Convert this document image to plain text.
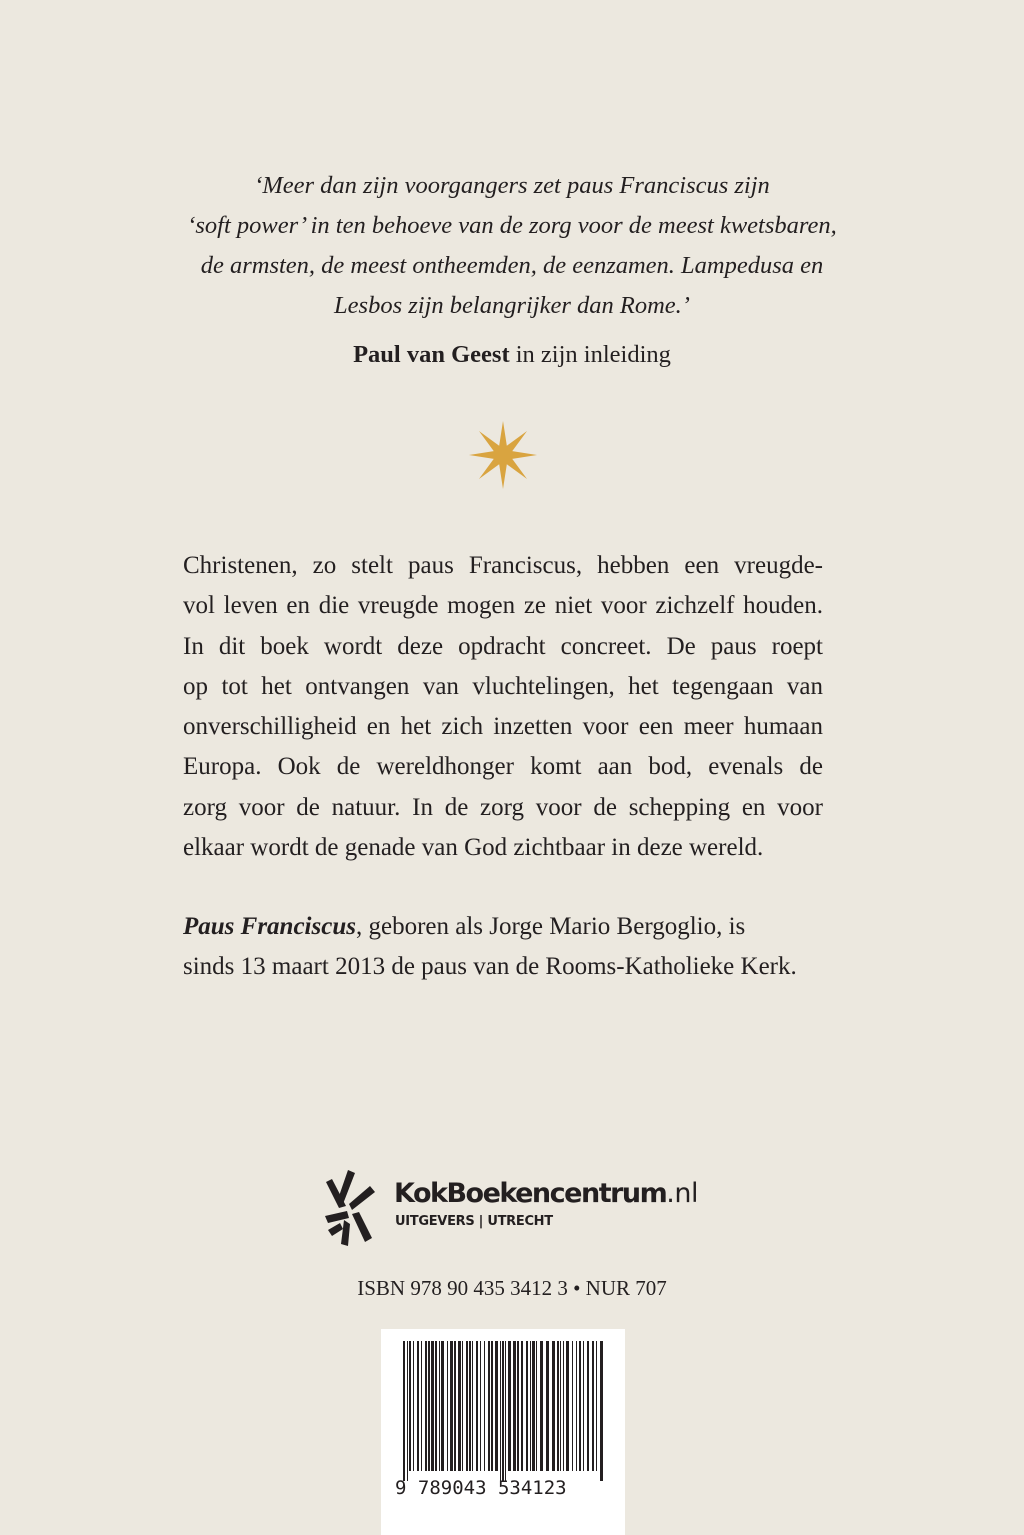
‘Meer dan zijn voorgangers zet paus Franciscus zijn

‘soft power’ in ten behoeve van de zorg voor de meest kwetsbaren,

de armsten, de meest ontheemden, de eenzamen. Lampedusa en

Lesbos zijn belangrijker dan Rome.’

Paul van Geest in zijn inleiding
Christenen, zo stelt paus Franciscus, hebben een vreugde-
vol leven en die vreugde mogen ze niet voor zichzelf houden.
In dit boek wordt deze opdracht concreet. De paus roept
op tot het ontvangen van vluchtelingen, het tegengaan van
onverschilligheid en het zich inzetten voor een meer humaan
Europa. Ook de wereldhonger komt aan bod, evenals de
zorg voor de natuur. In de zorg voor de schepping en voor
elkaar wordt de genade van God zichtbaar in deze wereld.
Paus Franciscus, geboren als Jorge Mario Bergoglio, is
sinds 13 maart 2013 de paus van de Rooms-Katholieke Kerk.
KokBoekencentrum.nl
UITGEVERS | UTRECHT
ISBN 978 90 435 3412 3 • NUR 707
9 789043 534123
